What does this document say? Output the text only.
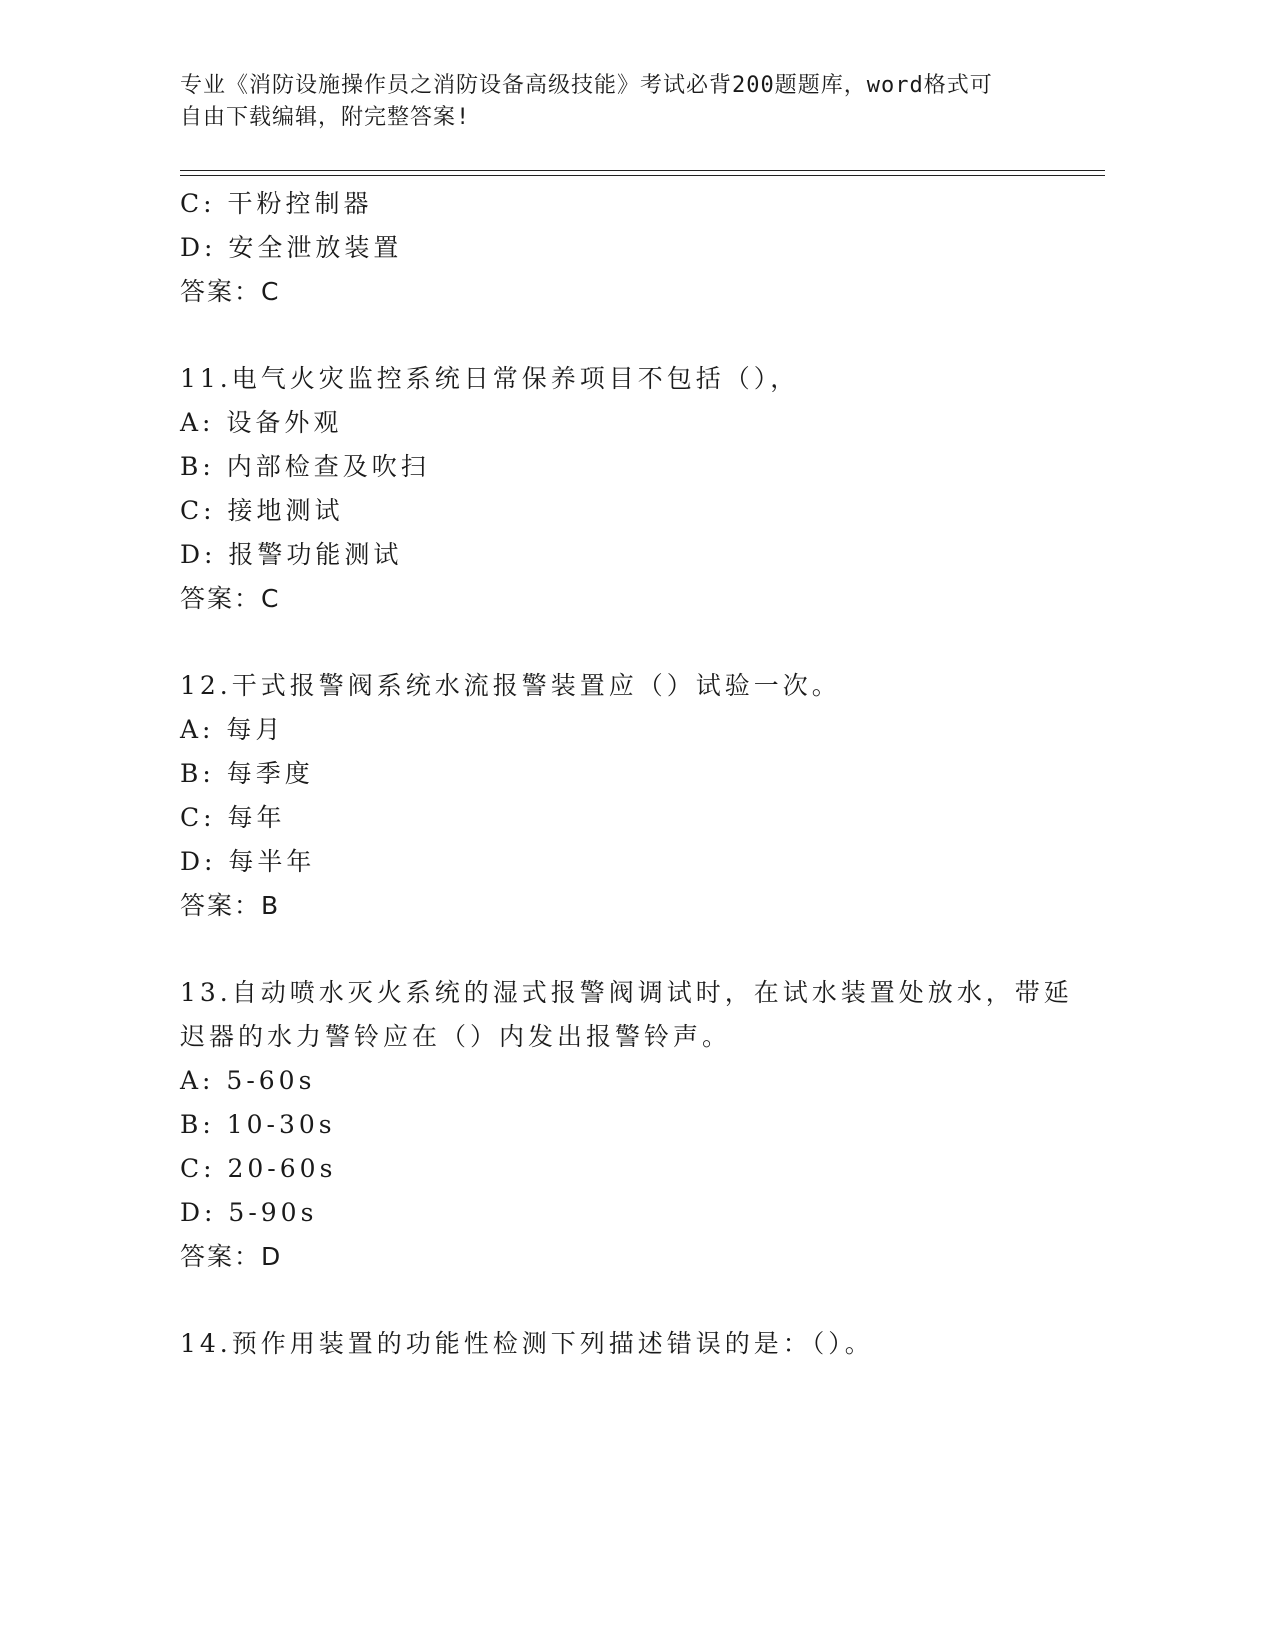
专业《消防设施操作员之消防设备高级技能》考试必背200题题库，word格式可
自由下载编辑，附完整答案!
C: 干粉控制器
D: 安全泄放装置
答案：C
11.电气火灾监控系统日常保养项目不包括（），
A: 设备外观
B: 内部检查及吹扫
C: 接地测试
D: 报警功能测试
答案：C
12.干式报警阀系统水流报警装置应（）试验一次。
A: 每月
B: 每季度
C: 每年
D: 每半年
答案：B
13.自动喷水灭火系统的湿式报警阀调试时，在试水装置处放水，带延
迟器的水力警铃应在（）内发出报警铃声。
A: 5-60s
B: 10-30s
C: 20-60s
D: 5-90s
答案：D
14.预作用装置的功能性检测下列描述错误的是：（）。
